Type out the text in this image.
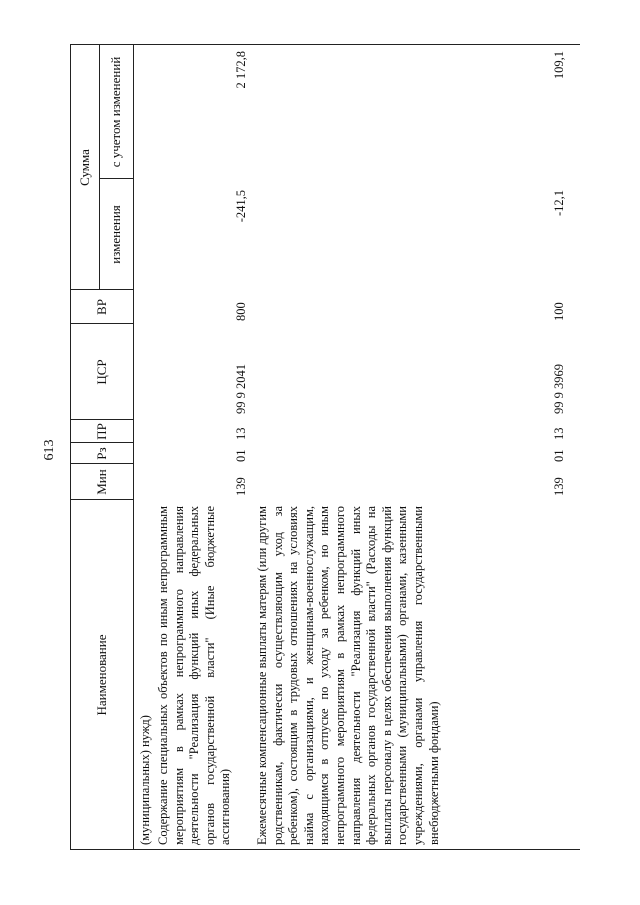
613
Наименование
Мин
Рз
ПР
ЦСР
ВР
Сумма
изменения
с учетом изменений
(муниципальных) нужд) Содержание специальных объектов по иным непрограммным мероприятиям в рамках непрограммного направления деятельности "Реализация функций иных федеральных органов государственной власти" (Иные бюджетные ассигнования)
139
01
13
99 9 2041
800
-241,5
2 172,8
Ежемесячные компенсационные выплаты матерям (или другим родственникам, фактически осуществляющим уход за ребенком), состоящим в трудовых отношениях на условиях найма с организациями, и женщинам-военнослужащим, находящимся в отпуске по уходу за ребенком, но иным непрограммного мероприятиям в рамках непрограммного направления деятельности "Реализация функций иных федеральных органов государственной власти" (Расходы на выплаты персоналу в целях обеспечения выполнения функций государственными (муниципальными) органами, казенными учреждениями, органами управления государственными внебюджетными фондами)
139
01
13
99 9 3969
100
-12,1
109,1
